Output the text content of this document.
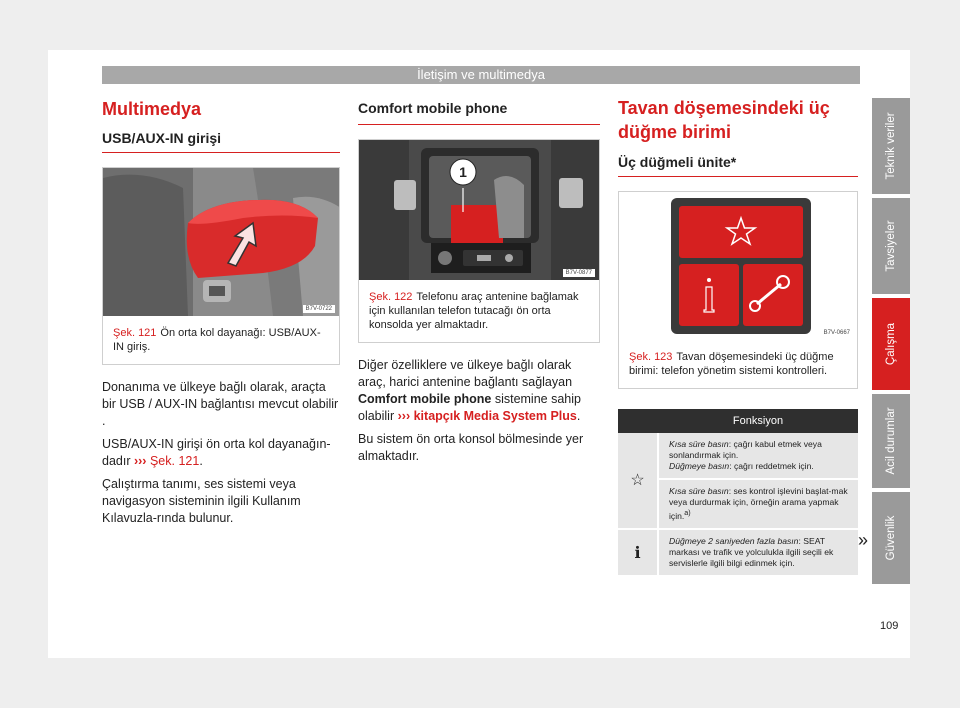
İletişim ve multimedya
Multimedya
USB/AUX-IN girişi
B7V-0722
Şek. 121 Ön orta kol dayanağı: USB/AUX-IN giriş.

Donanıma ve ülkeye bağlı olarak, araçta bir USB / AUX-IN bağlantısı mevcut olabilir .

USB/AUX-IN girişi ön orta kol dayanağın-dadır ››› Şek. 121.

Çalıştırma tanımı, ses sistemi veya navigasyon sisteminin ilgili Kullanım Kılavuzla-rında bulunur.

Comfort mobile phone
1
B7V-0877
Şek. 122 Telefonu araç antenine bağlamak için kullanılan telefon tutacağı ön orta konsolda yer almaktadır.

Diğer özelliklere ve ülkeye bağlı olarak araç, harici antenine bağlantı sağlayan Comfort mobile phone sistemine sahip olabilir ››› kitapçık Media System Plus.

Bu sistem ön orta konsol bölmesinde yer almaktadır.

Tavan döşemesindeki üç düğme birimi
Üç düğmeli ünite*
B7V-0667
Şek. 123 Tavan döşemesindeki üç düğme birimi: telefon yönetim sistemi kontrolleri.
	Fonksiyon
☆	Kısa süre basın: çağrı kabul etmek veya sonlandırmak için.
Düğmeye basın: çağrı reddetmek için.
	Kısa süre basın: ses kontrol işlevini başlat-mak veya durdurmak için, örneğin arama yapmak için.$^{a)}$
ℹ	Düğmeye 2 saniyeden fazla basın: SEAT markası ve trafik ve yolculukla ilgili seçili ek servislerle ilgili bilgi edinmek için.
»
Teknik veriler
Tavsiyeler
Çalışma
Acil durumlar
Güvenlik
109
